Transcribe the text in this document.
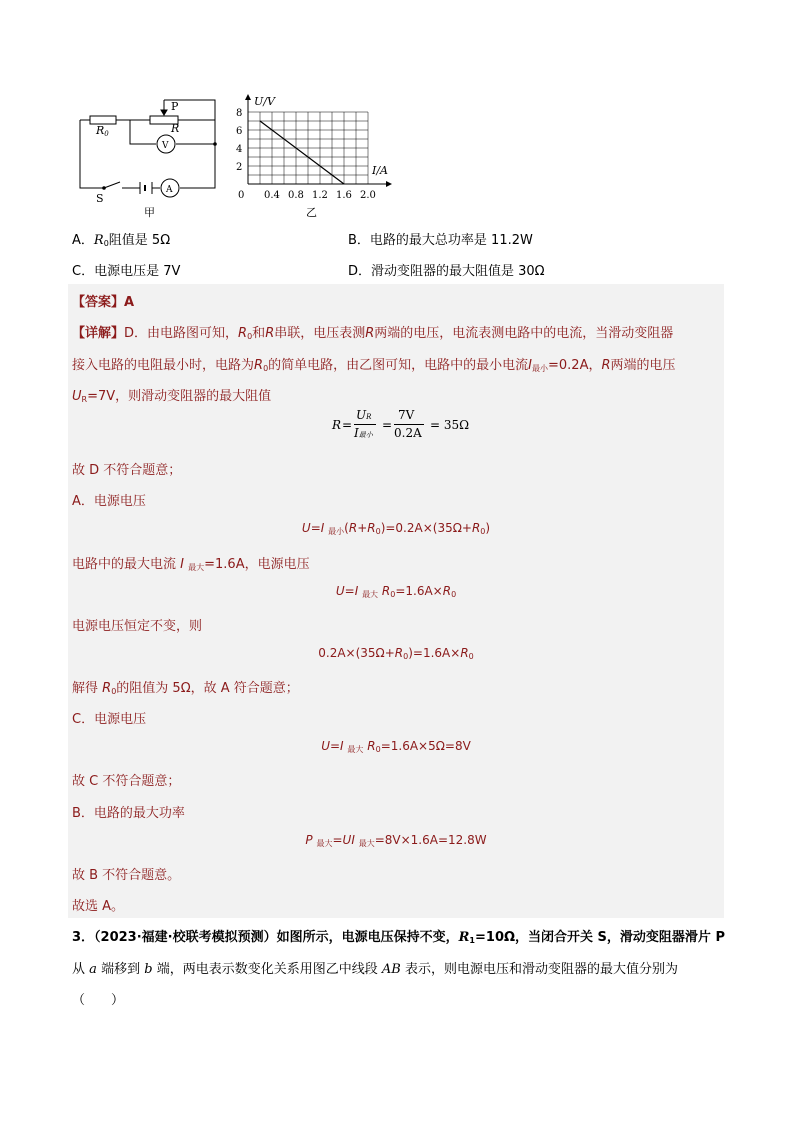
R0	R
P
V
A
S
甲
U/V
I/A
8
6
4
2
0 0.4 0.8 1.2 1.6 2.0
乙
A．$R_0$阻值是 5Ω	B．电路的最大总功率是 11.2W
C．电源电压是 7V	D．滑动变阻器的最大阻值是 30Ω
【答案】A
【详解】D．由电路图可知，$R_0$和R串联，电压表测R两端的电压，电流表测电路中的电流，当滑动变阻器
接入电路的电阻最小时，电路为$R_0$的简单电路，由乙图可知，电路中的最小电流$I_{最小}=0.2A$，R两端的电压
$U_R=7V$，则滑动变阻器的最大阻值
R =
UR
I最小
=
7V
0.2A
= 35Ω
故 D 不符合题意；
A．电源电压
U=I $_{最小}(R+R_0)=0.2A\times(35\Omega+R_0)$
电路中的最大电流 I $_{最大}$=1.6A，电源电压
U=I $_{最大}$ $R_0=1.6A\times R_0$
电源电压恒定不变，则
$0.2A\times(35\Omega+R_0)=1.6A\times R_0$
解得 $R_0$的阻值为 5Ω，故 A 符合题意；
C．电源电压
U=I $_{最大}$ $R_0=1.6A\times 5\Omega=8V$
故 C 不符合题意；
B．电路的最大功率
P $_{最大}$=UI $_{最大}$=8V×1.6A=12.8W
故 B 不符合题意。
故选 A。
3．（2023·福建·校联考模拟预测）如图所示，电源电压保持不变，$R_1=10\Omega$，当闭合开关 S，滑动变阻器滑片 P
从 a 端移到 b 端，两电表示数变化关系用图乙中线段 AB 表示，则电源电压和滑动变阻器的最大值分别为
（　　）
